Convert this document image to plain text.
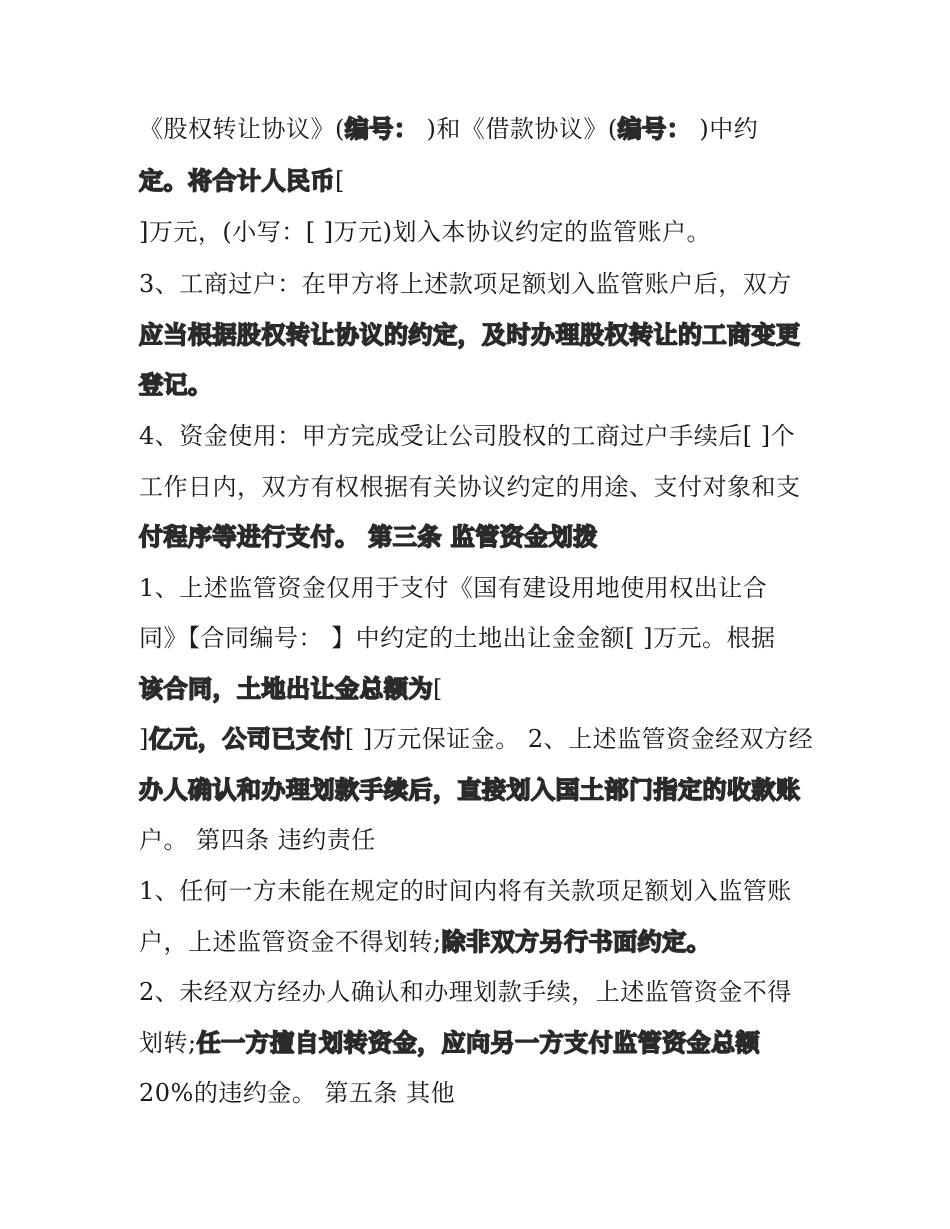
《股权转让协议》(编号： )和《借款协议》(编号： )中约
定。将合计人民币[
]万元，(小写：[ ]万元)划入本协议约定的监管账户。
3、工商过户：在甲方将上述款项足额划入监管账户后，双方
应当根据股权转让协议的约定，及时办理股权转让的工商变更
登记。
4、资金使用：甲方完成受让公司股权的工商过户手续后[ ]个
工作日内，双方有权根据有关协议约定的用途、支付对象和支
付程序等进行支付。 第三条 监管资金划拨
1、上述监管资金仅用于支付《国有建设用地使用权出让合
同》【合同编号： 】中约定的土地出让金金额[ ]万元。根据
该合同，土地出让金总额为[
]亿元，公司已支付[ ]万元保证金。 2、上述监管资金经双方经
办人确认和办理划款手续后，直接划入国土部门指定的收款账
户。 第四条 违约责任
1、任何一方未能在规定的时间内将有关款项足额划入监管账
户，上述监管资金不得划转;除非双方另行书面约定。
2、未经双方经办人确认和办理划款手续，上述监管资金不得
划转;任一方擅自划转资金，应向另一方支付监管资金总额
20%的违约金。 第五条 其他
